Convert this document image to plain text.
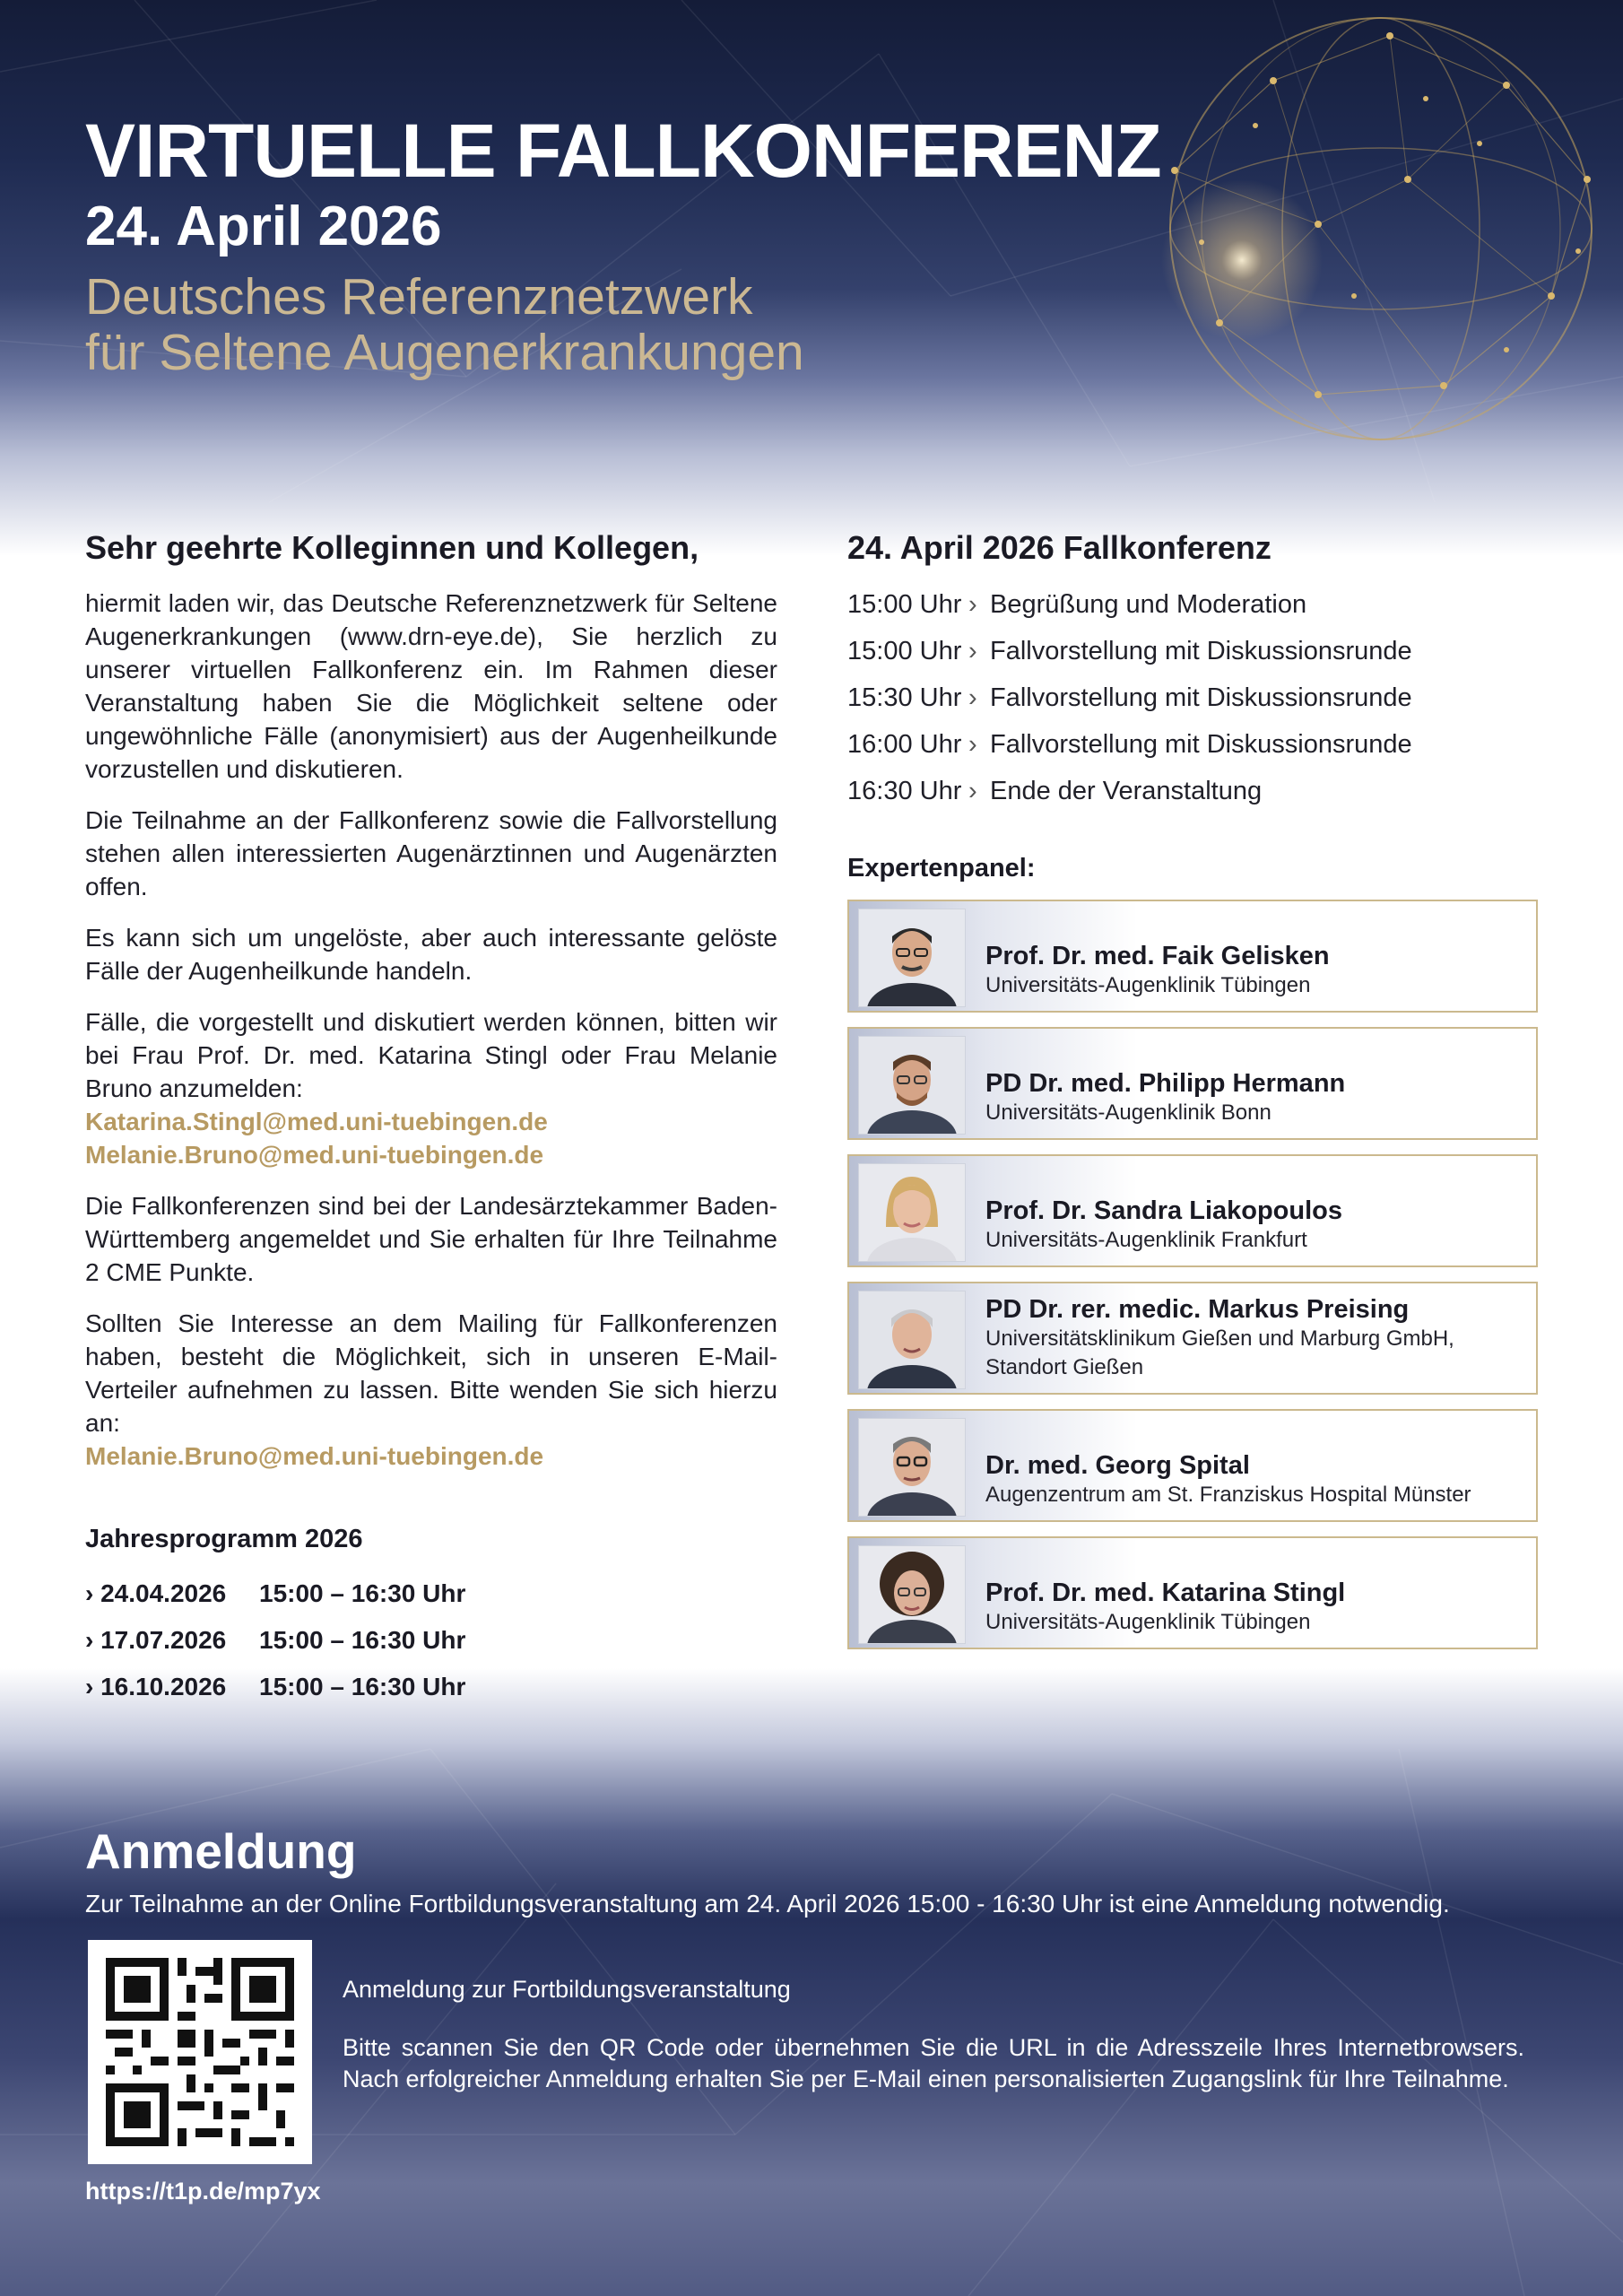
VIRTUELLE FALLKONFERENZ
24. April 2026
Deutsches Referenznetzwerk
für Seltene Augenerkrankungen

Sehr geehrte Kolleginnen und Kollegen,

hiermit laden wir, das Deutsche Referenznetzwerk für Seltene Augenerkrankungen (www.drn-eye.de), Sie herzlich zu unserer virtuellen Fallkonferenz ein. Im Rahmen dieser Veranstaltung haben Sie die Möglichkeit seltene oder ungewöhnliche Fälle (anonymisiert) aus der Augenheilkunde vorzustellen und diskutieren.

Die Teilnahme an der Fallkonferenz sowie die Fallvorstellung stehen allen interessierten Augenärztinnen und Augenärzten offen.

Es kann sich um ungelöste, aber auch interessante gelöste Fälle der Augenheilkunde handeln.

Fälle, die vorgestellt und diskutiert werden können, bitten wir bei Frau Prof. Dr. med. Katarina Stingl oder Frau Melanie Bruno anzumelden:
Katarina.Stingl@med.uni-tuebingen.de
Melanie.Bruno@med.uni-tuebingen.de

Die Fallkonferenzen sind bei der Landesärztekammer Baden-Württemberg angemeldet und Sie erhalten für Ihre Teilnahme 2 CME Punkte.

Sollten Sie Interesse an dem Mailing für Fallkonferenzen haben, besteht die Möglichkeit, sich in unseren E-Mail-Verteiler aufnehmen zu lassen. Bitte wenden Sie sich hierzu an:
Melanie.Bruno@med.uni-tuebingen.de
Jahresprogramm 2026
› 24.04.2026	15:00 – 16:30 Uhr
› 17.07.2026	15:00 – 16:30 Uhr
› 16.10.2026	15:00 – 16:30 Uhr
24. April 2026 Fallkonferenz
15:00 Uhr › Begrüßung und Moderation
15:00 Uhr › Fallvorstellung mit Diskussionsrunde
15:30 Uhr › Fallvorstellung mit Diskussionsrunde
16:00 Uhr › Fallvorstellung mit Diskussionsrunde
16:30 Uhr › Ende der Veranstaltung
Expertenpanel:
Prof. Dr. med. Faik Gelisken
Universitäts-Augenklinik Tübingen
PD Dr. med. Philipp Hermann
Universitäts-Augenklinik Bonn
Prof. Dr. Sandra Liakopoulos
Universitäts-Augenklinik Frankfurt
PD Dr. rer. medic. Markus Preising
Universitätsklinikum Gießen und Marburg GmbH, Standort Gießen
Dr. med. Georg Spital
Augenzentrum am St. Franziskus Hospital Münster
Prof. Dr. med. Katarina Stingl
Universitäts-Augenklinik Tübingen
Anmeldung

Zur Teilnahme an der Online Fortbildungsveranstaltung am 24. April 2026 15:00 - 16:30 Uhr ist eine Anmeldung notwendig.

https://t1p.de/mp7yx

Anmeldung zur Fortbildungsveranstaltung

Bitte scannen Sie den QR Code oder übernehmen Sie die URL in die Adresszeile Ihres Internetbrowsers. Nach erfolgreicher Anmeldung erhalten Sie per E-Mail einen personalisierten Zugangslink für Ihre Teilnahme.
